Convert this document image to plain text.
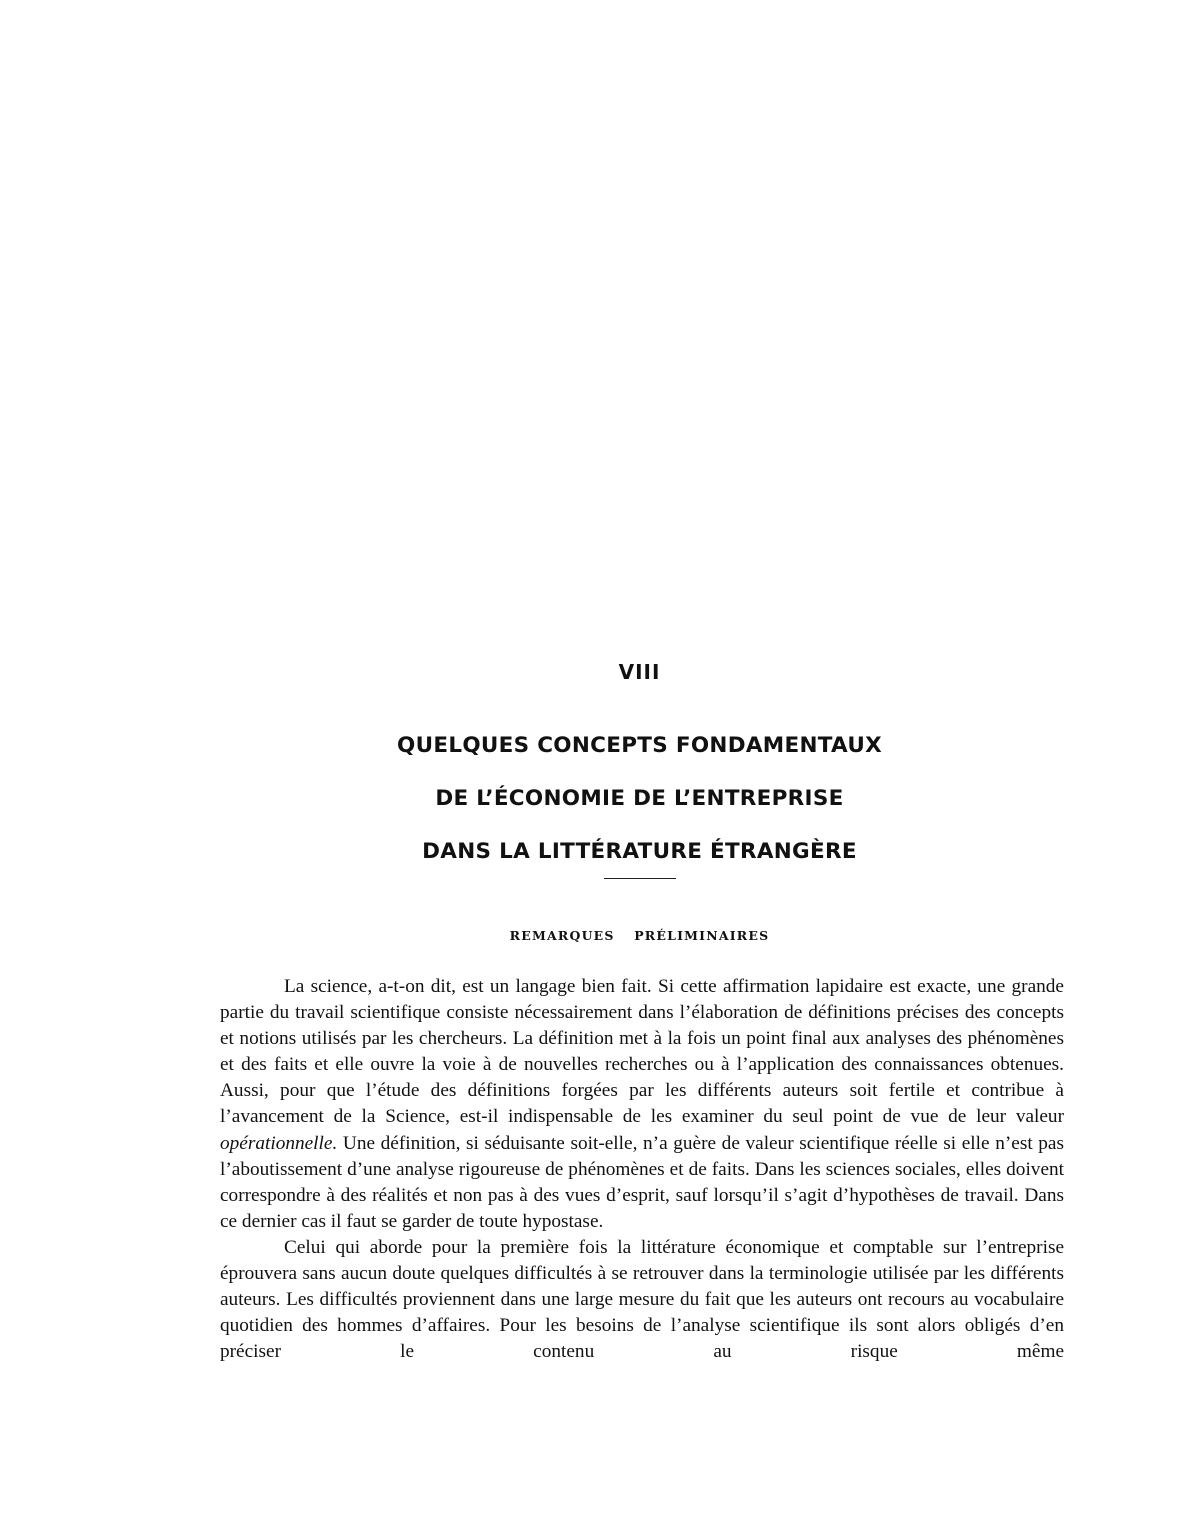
VIII
QUELQUES CONCEPTS FONDAMENTAUX
DE L’ÉCONOMIE DE L’ENTREPRISE
DANS LA LITTÉRATURE ÉTRANGÈRE
REMARQUES PRÉLIMINAIRES

La science, a-t-on dit, est un langage bien fait. Si cette affirmation lapidaire est exacte, une grande partie du travail scientifique consiste nécessairement dans l’élaboration de définitions précises des concepts et notions utilisés par les chercheurs. La définition met à la fois un point final aux analyses des phénomènes et des faits et elle ouvre la voie à de nouvelles recherches ou à l’application des connaissances obtenues. Aussi, pour que l’étude des définitions forgées par les différents auteurs soit fertile et contribue à l’avancement de la Science, est-il indispensable de les examiner du seul point de vue de leur valeur opérationnelle. Une définition, si séduisante soit-elle, n’a guère de valeur scientifique réelle si elle n’est pas l’aboutissement d’une analyse rigoureuse de phénomènes et de faits. Dans les sciences sociales, elles doivent correspondre à des réalités et non pas à des vues d’esprit, sauf lorsqu’il s’agit d’hypothèses de travail. Dans ce dernier cas il faut se garder de toute hypostase.

Celui qui aborde pour la première fois la littérature économique et comptable sur l’entreprise éprouvera sans aucun doute quelques difficultés à se retrouver dans la terminologie utilisée par les différents auteurs. Les difficultés proviennent dans une large mesure du fait que les auteurs ont recours au vocabulaire quotidien des hommes d’affaires. Pour les besoins de l’analyse scientifique ils sont alors obligés d’en préciser le contenu au risque même
